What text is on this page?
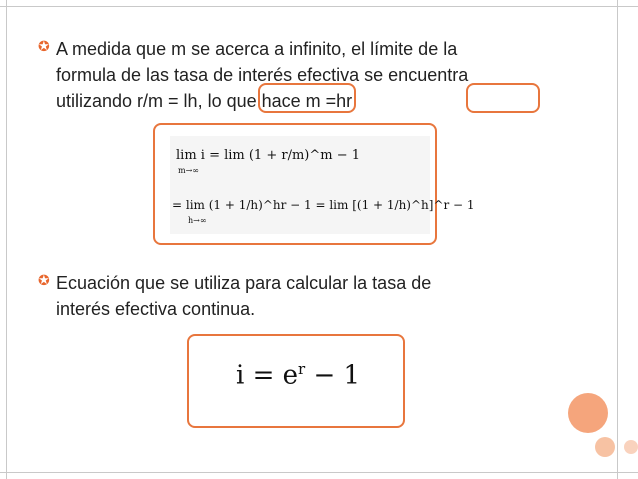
✪ A medida que m se acerca a infinito, el límite de la
formula de las tasa de interés efectiva se encuentra
utilizando r/m = lh, lo que hace m =hr
lim i = lim (1 + r/m)^m − 1
m→∞
= lim (1 + 1/h)^hr − 1 = lim [(1 + 1/h)^h]^r − 1
h→∞
✪ Ecuación que se utiliza para calcular la tasa de
interés efectiva continua.
$i = e^r - 1$
